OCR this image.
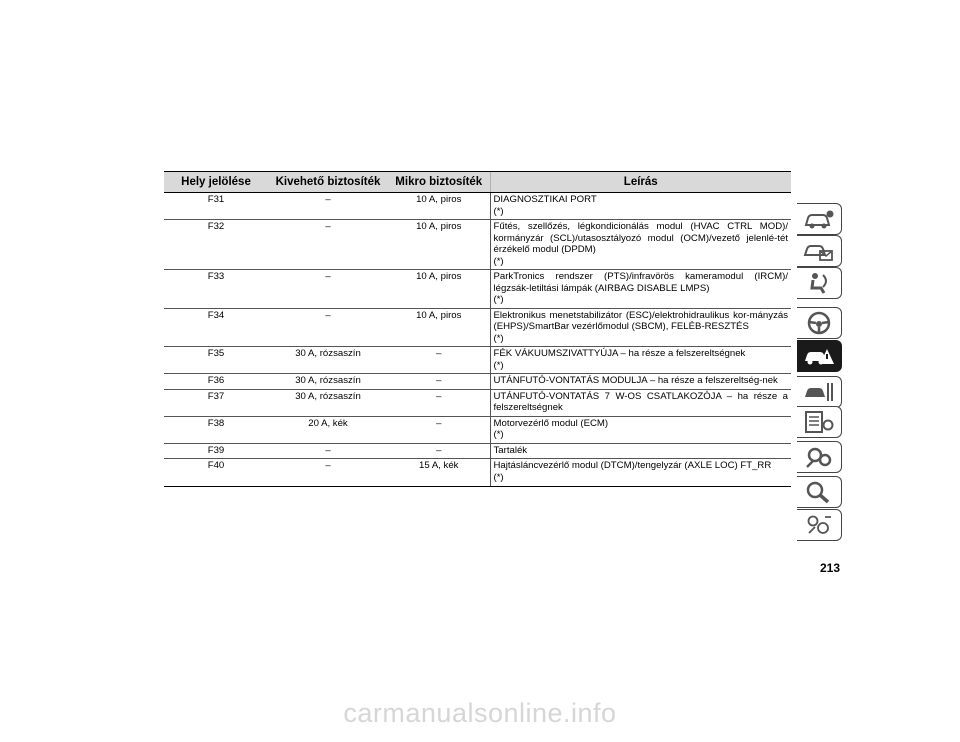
Hely jelölése	Kivehető biztosíték	Mikro biztosíték	Leírás
F31	–	10 A, piros	DIAGNOSZTIKAI PORT
(*)

F32	–	10 A, piros	Fűtés, szellőzés, légkondicionálás modul (HVAC CTRL MOD)/ kormányzár (SCL)/utasosztályozó modul (OCM)/vezető jelenlé-tét érzékelő modul (DPDM)
(*)

F33	–	10 A, piros	ParkTronics rendszer (PTS)/infravörös kameramodul (IRCM)/ légzsák-letiltási lámpák (AIRBAG DISABLE LMPS)
(*)

F34	–	10 A, piros	Elektronikus menetstabilizátor (ESC)/elektrohidraulikus kor-mányzás (EHPS)/SmartBar vezérlőmodul (SBCM), FELÉB-RESZTÉS
(*)

F35	30 A, rózsaszín	–	FÉK VÁKUUMSZIVATTYÚJA – ha része a felszereltségnek
(*)

F36	30 A, rózsaszín	–	UTÁNFUTÓ-VONTATÁS MODULJA – ha része a felszereltség-nek

F37	30 A, rózsaszín	–	UTÁNFUTÓ-VONTATÁS 7 W-OS CSATLAKOZÓJA – ha része a felszereltségnek

F38	20 A, kék	–	Motorvezérlő modul (ECM)
(*)

F39	–	–	Tartalék

F40	–	15 A, kék	Hajtásláncvezérlő modul (DTCM)/tengelyzár (AXLE LOC) FT_RR
(*)
213
carmanualsonline.info
